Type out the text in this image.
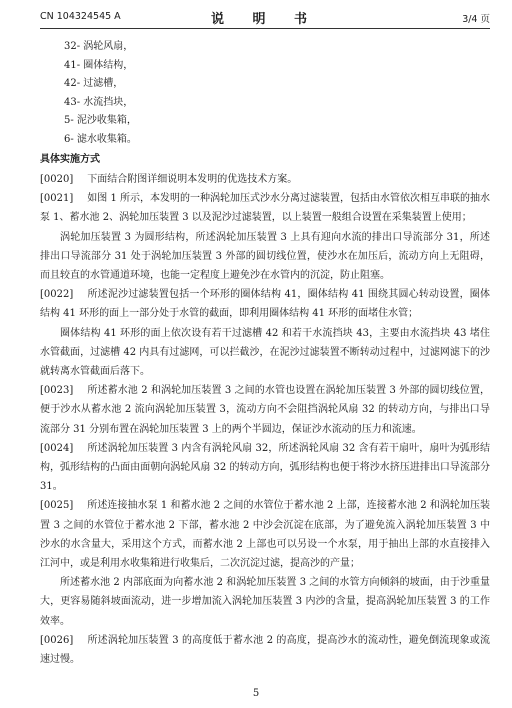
CN 104324545 A	说 明 书	3/4 页
32- 涡轮风扇，
41- 圈体结构，
42- 过滤槽，
43- 水流挡块，
5- 泥沙收集箱，
6- 滤水收集箱。
具体实施方式

[0020] 下面结合附图详细说明本发明的优选技术方案。

[0021] 如图 1 所示，本发明的一种涡轮加压式沙水分离过滤装置，包括由水管依次相互串联的抽水泵 1、蓄水池 2、涡轮加压装置 3 以及泥沙过滤装置，以上装置一般组合设置在采集装置上使用；

涡轮加压装置 3 为圆形结构，所述涡轮加压装置 3 上具有迎向水流的排出口导流部分 31，所述排出口导流部分 31 处于涡轮加压装置 3 外部的圆切线位置，使沙水在加压后，流动方向上无阻碍，而且较直的水管通道环境，也能一定程度上避免沙在水管内的沉淀，防止阻塞。

[0022] 所述泥沙过滤装置包括一个环形的圈体结构 41，圈体结构 41 围绕其圆心转动设置，圈体结构 41 环形的面上一部分处于水管的截面，即利用圈体结构 41 环形的面堵住水管；

圈体结构 41 环形的面上依次设有若干过滤槽 42 和若干水流挡块 43，主要由水流挡块 43 堵住水管截面，过滤槽 42 内具有过滤网，可以拦截沙，在泥沙过滤装置不断转动过程中，过滤网滤下的沙就转离水管截面后落下。

[0023] 所述蓄水池 2 和涡轮加压装置 3 之间的水管也设置在涡轮加压装置 3 外部的圆切线位置，便于沙水从蓄水池 2 流向涡轮加压装置 3，流动方向不会阻挡涡轮风扇 32 的转动方向，与排出口导流部分 31 分别布置在涡轮加压装置 3 上的两个半圆边，保证沙水流动的压力和流速。

[0024] 所述涡轮加压装置 3 内含有涡轮风扇 32，所述涡轮风扇 32 含有若干扇叶，扇叶为弧形结构，弧形结构的凸面由面朝向涡轮风扇 32 的转动方向，弧形结构也便于将沙水挤压进排出口导流部分 31。

[0025] 所述连接抽水泵 1 和蓄水池 2 之间的水管位于蓄水池 2 上部，连接蓄水池 2 和涡轮加压装置 3 之间的水管位于蓄水池 2 下部，蓄水池 2 中沙会沉淀在底部，为了避免流入涡轮加压装置 3 中沙水的水含量大，采用这个方式，而蓄水池 2 上部也可以另设一个水泵，用于抽出上部的水直接排入江河中，或是利用水收集箱进行收集后，二次沉淀过滤，提高沙的产量；

所述蓄水池 2 内部底面为向蓄水池 2 和涡轮加压装置 3 之间的水管方向倾斜的坡面，由于沙重量大，更容易随斜坡面流动，进一步增加流入涡轮加压装置 3 内沙的含量，提高涡轮加压装置 3 的工作效率。

[0026] 所述涡轮加压装置 3 的高度低于蓄水池 2 的高度，提高沙水的流动性，避免倒流现象或流速过慢。

5
